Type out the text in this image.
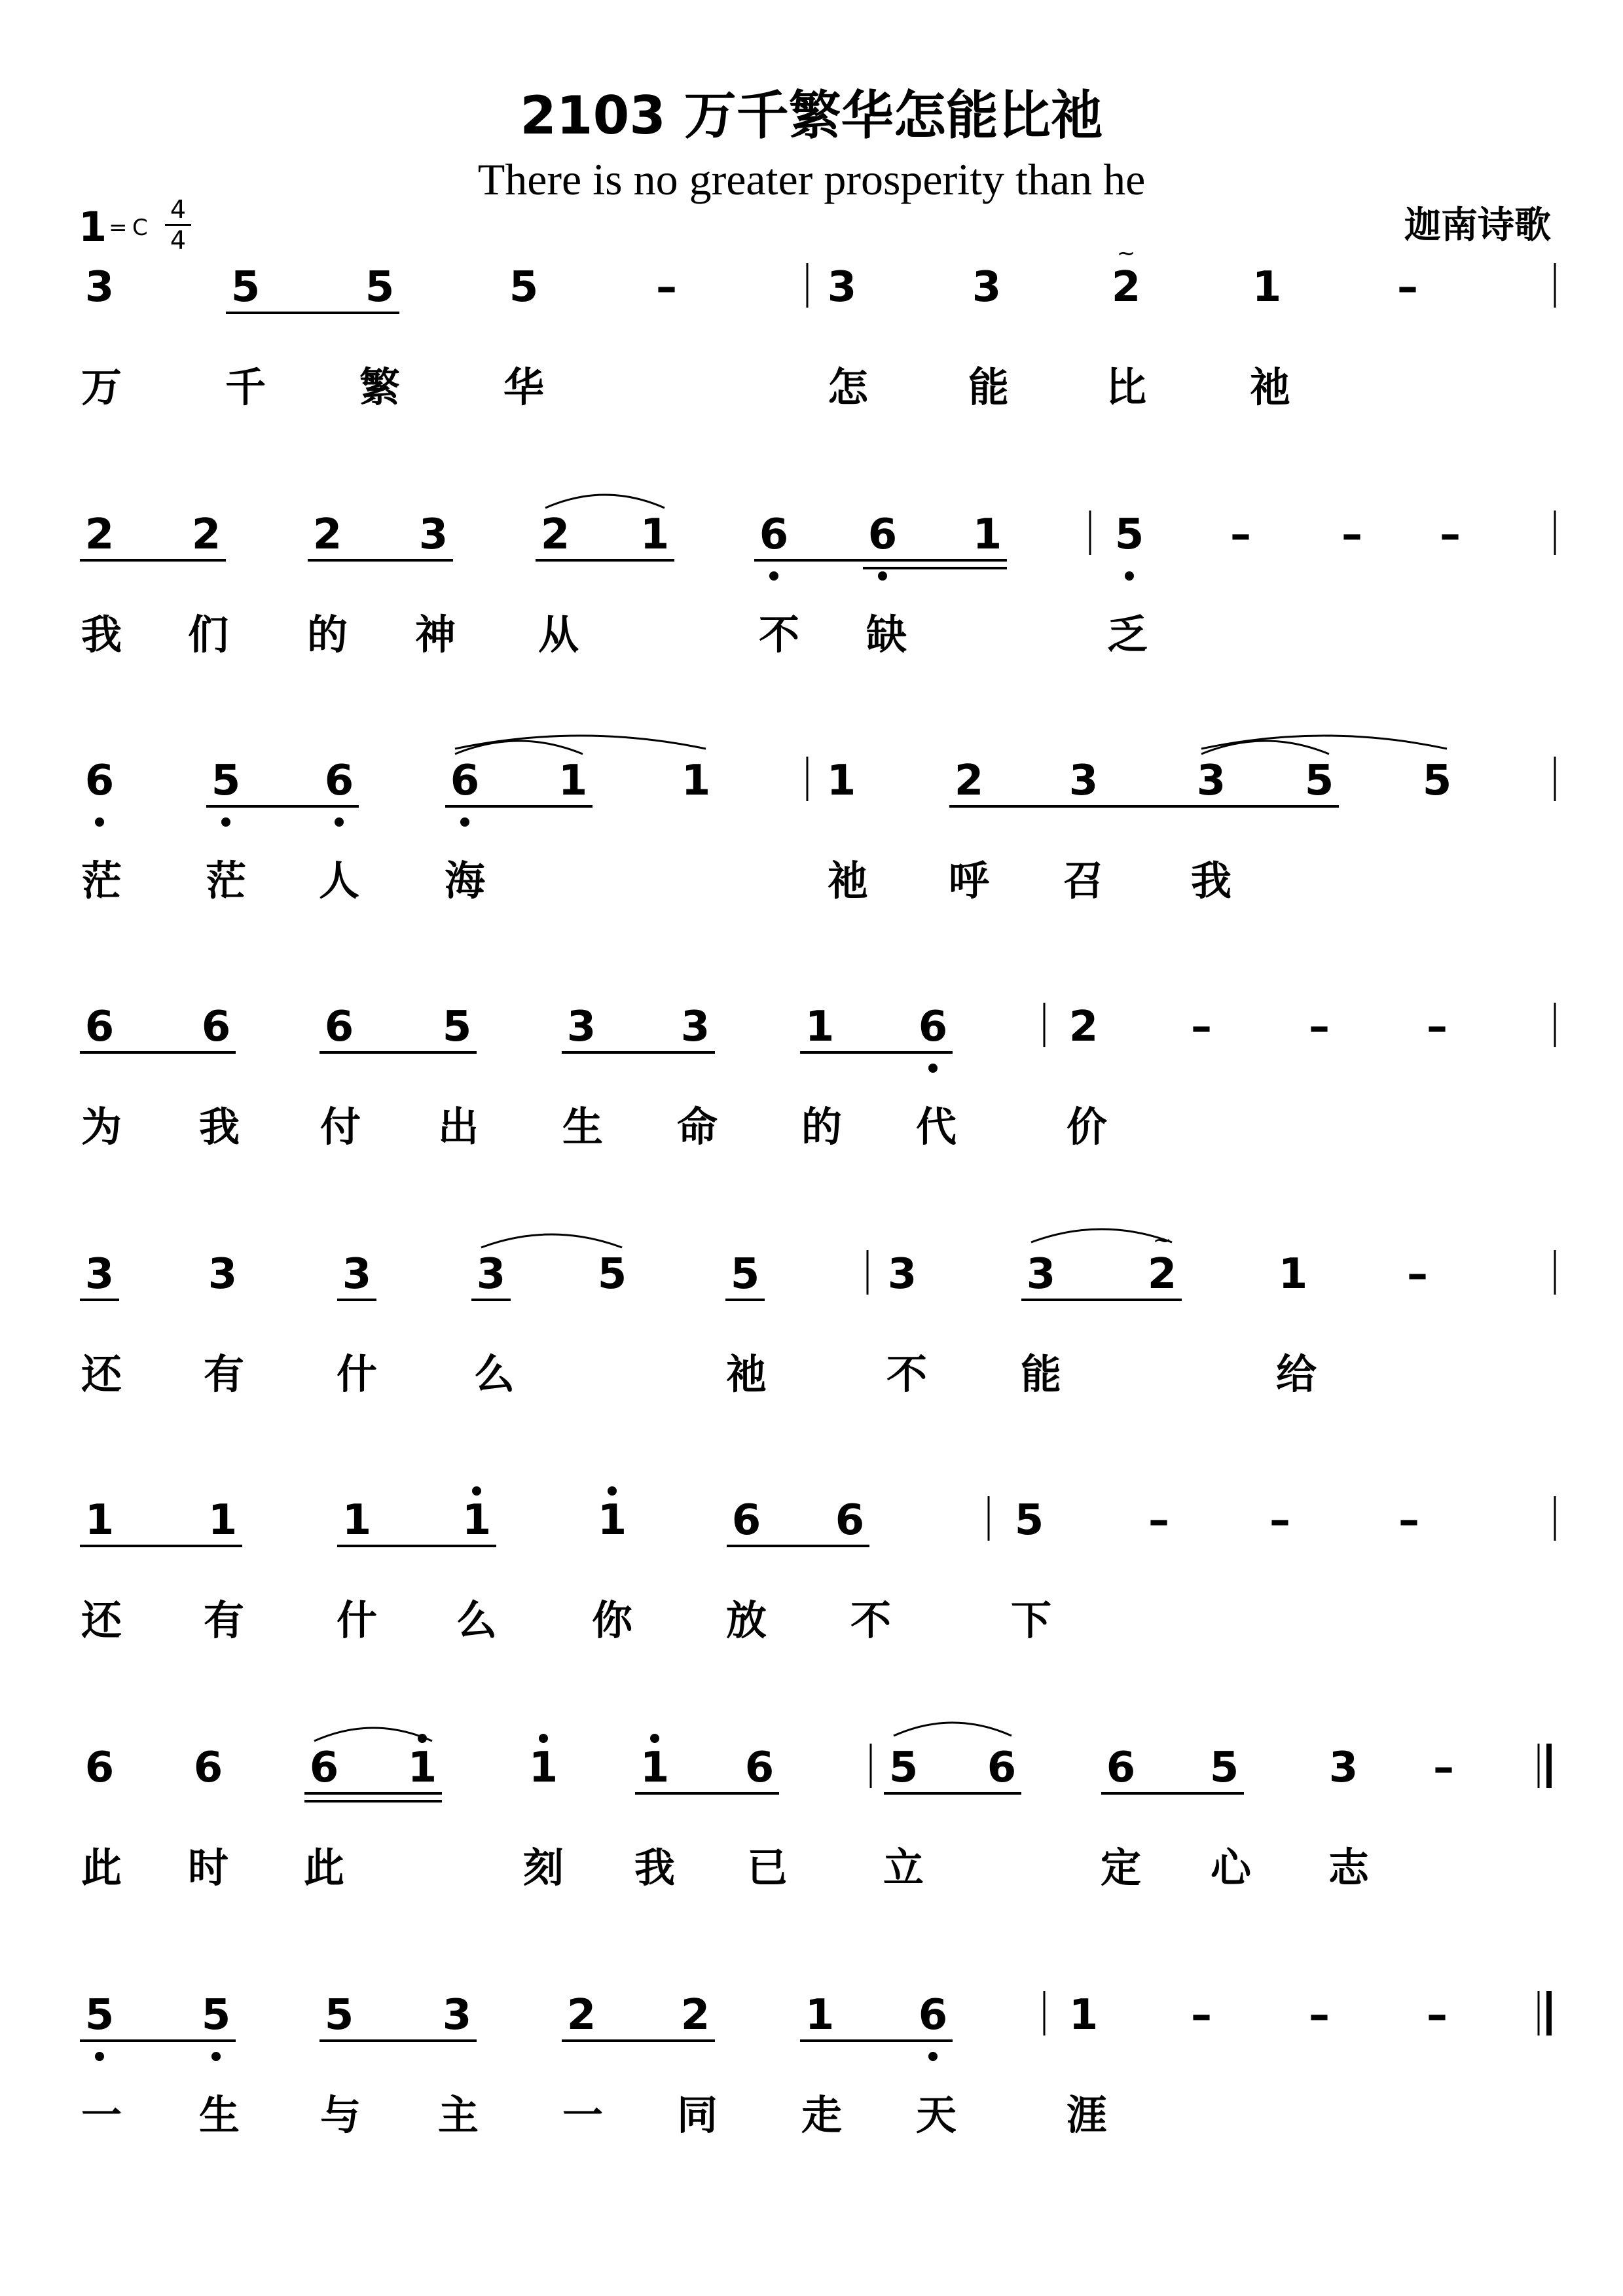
2103 万千繁华怎能比祂
There is no greater prosperity than he
迦南诗歌
1 = C
4
4
3	5	5	5	–	3	3	2	1	–
万	千 繁	华	怎 能 比	祂
~
2 2 2 3 2 1 6 6 1	5 – – –
我 们 的 神 从	不 缺	乏
6 5 6 6 1 1	1 2 3 3 5 5
茫 茫 人 海	祂 呼 召 我
6 6 6 5 3 3 1 6	2 – – –
为 我 付 出 生 命 的 代	价
3 3	3	3 5 5	3	3 2 1 –
还 有 什 么	祂	不 能	给
~
1 1	1 1	1	6 6	5 – –	–
还 有 什 么 你 放 不	下
6 6 6 1 1 1 6	5 6 6 5 3 –
此 时 此	刻 我 已 立	定 心 志
5 5 5 3 2 2 1 6	1 – – –
一 生 与 主 一 同 走 天	涯
